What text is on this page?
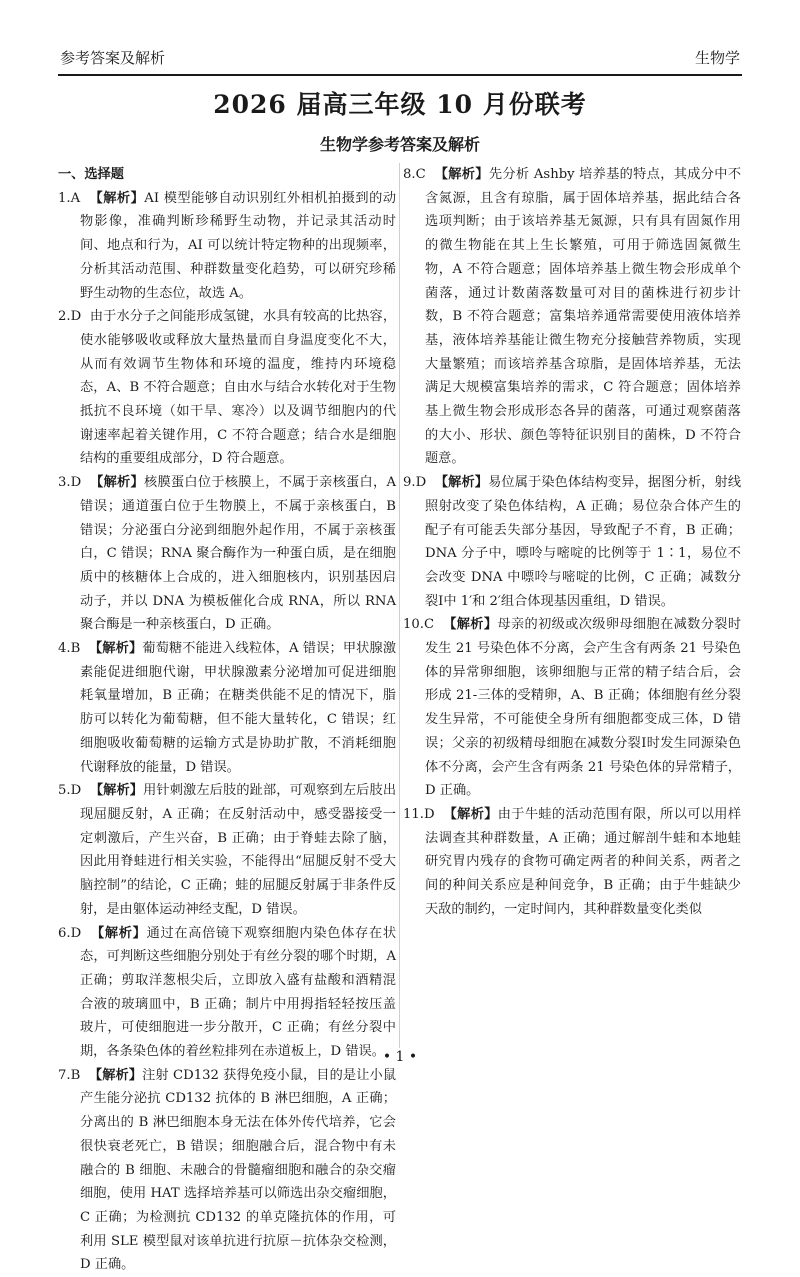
参考答案及解析	生物学
2026 届高三年级 10 月份联考
生物学参考答案及解析
一、选择题
1.A 【解析】AI 模型能够自动识别红外相机拍摄到的动物影像，准确判断珍稀野生动物，并记录其活动时间、地点和行为，AI 可以统计特定物种的出现频率，分析其活动范围、种群数量变化趋势，可以研究珍稀野生动物的生态位，故选 A。
2.D 由于水分子之间能形成氢键，水具有较高的比热容，使水能够吸收或释放大量热量而自身温度变化不大，从而有效调节生物体和环境的温度，维持内环境稳态，A、B 不符合题意；自由水与结合水转化对于生物抵抗不良环境（如干旱、寒冷）以及调节细胞内的代谢速率起着关键作用，C 不符合题意；结合水是细胞结构的重要组成部分，D 符合题意。
3.D 【解析】核膜蛋白位于核膜上，不属于亲核蛋白，A 错误；通道蛋白位于生物膜上，不属于亲核蛋白，B 错误；分泌蛋白分泌到细胞外起作用，不属于亲核蛋白，C 错误；RNA 聚合酶作为一种蛋白质，是在细胞质中的核糖体上合成的，进入细胞核内，识别基因启动子，并以 DNA 为模板催化合成 RNA，所以 RNA 聚合酶是一种亲核蛋白，D 正确。
4.B 【解析】葡萄糖不能进入线粒体，A 错误；甲状腺激素能促进细胞代谢，甲状腺激素分泌增加可促进细胞耗氧量增加，B 正确；在糖类供能不足的情况下，脂肪可以转化为葡萄糖，但不能大量转化，C 错误；红细胞吸收葡萄糖的运输方式是协助扩散，不消耗细胞代谢释放的能量，D 错误。
5.D 【解析】用针刺激左后肢的趾部，可观察到左后肢出现屈腿反射，A 正确；在反射活动中，感受器接受一定刺激后，产生兴奋，B 正确；由于脊蛙去除了脑，因此用脊蛙进行相关实验，不能得出“屈腿反射不受大脑控制”的结论，C 正确；蛙的屈腿反射属于非条件反射，是由躯体运动神经支配，D 错误。
6.D 【解析】通过在高倍镜下观察细胞内染色体存在状态，可判断这些细胞分别处于有丝分裂的哪个时期，A 正确；剪取洋葱根尖后，立即放入盛有盐酸和酒精混合液的玻璃皿中，B 正确；制片中用拇指轻轻按压盖玻片，可使细胞进一步分散开，C 正确；有丝分裂中期，各条染色体的着丝粒排列在赤道板上，D 错误。
7.B 【解析】注射 CD132 获得免疫小鼠，目的是让小鼠产生能分泌抗 CD132 抗体的 B 淋巴细胞，A 正确；分离出的 B 淋巴细胞本身无法在体外传代培养，它会很快衰老死亡，B 错误；细胞融合后，混合物中有未融合的 B 细胞、未融合的骨髓瘤细胞和融合的杂交瘤细胞，使用 HAT 选择培养基可以筛选出杂交瘤细胞，C 正确；为检测抗 CD132 的单克隆抗体的作用，可利用 SLE 模型鼠对该单抗进行抗原－抗体杂交检测，D 正确。
8.C 【解析】先分析 Ashby 培养基的特点，其成分中不含氮源，且含有琼脂，属于固体培养基，据此结合各选项判断；由于该培养基无氮源，只有具有固氮作用的微生物能在其上生长繁殖，可用于筛选固氮微生物，A 不符合题意；固体培养基上微生物会形成单个菌落，通过计数菌落数量可对目的菌株进行初步计数，B 不符合题意；富集培养通常需要使用液体培养基，液体培养基能让微生物充分接触营养物质，实现大量繁殖；而该培养基含琼脂，是固体培养基，无法满足大规模富集培养的需求，C 符合题意；固体培养基上微生物会形成形态各异的菌落，可通过观察菌落的大小、形状、颜色等特征识别目的菌株，D 不符合题意。
9.D 【解析】易位属于染色体结构变异，据图分析，射线照射改变了染色体结构，A 正确；易位杂合体产生的配子有可能丢失部分基因，导致配子不育，B 正确；DNA 分子中，嘌呤与嘧啶的比例等于 1∶1，易位不会改变 DNA 中嘌呤与嘧啶的比例，C 正确；减数分裂Ⅰ中 1′和 2′组合体现基因重组，D 错误。
10.C 【解析】母亲的初级或次级卵母细胞在减数分裂时发生 21 号染色体不分离，会产生含有两条 21 号染色体的异常卵细胞，该卵细胞与正常的精子结合后，会形成 21-三体的受精卵，A、B 正确；体细胞有丝分裂发生异常，不可能使全身所有细胞都变成三体，D 错误；父亲的初级精母细胞在减数分裂Ⅰ时发生同源染色体不分离，会产生含有两条 21 号染色体的异常精子，D 正确。
11.D 【解析】由于牛蛙的活动范围有限，所以可以用样法调查其种群数量，A 正确；通过解剖牛蛙和本地蛙研究胃内残存的食物可确定两者的种间关系，两者之间的种间关系应是种间竞争，B 正确；由于牛蛙缺少天敌的制约，一定时间内，其种群数量变化类似
• 1 •
